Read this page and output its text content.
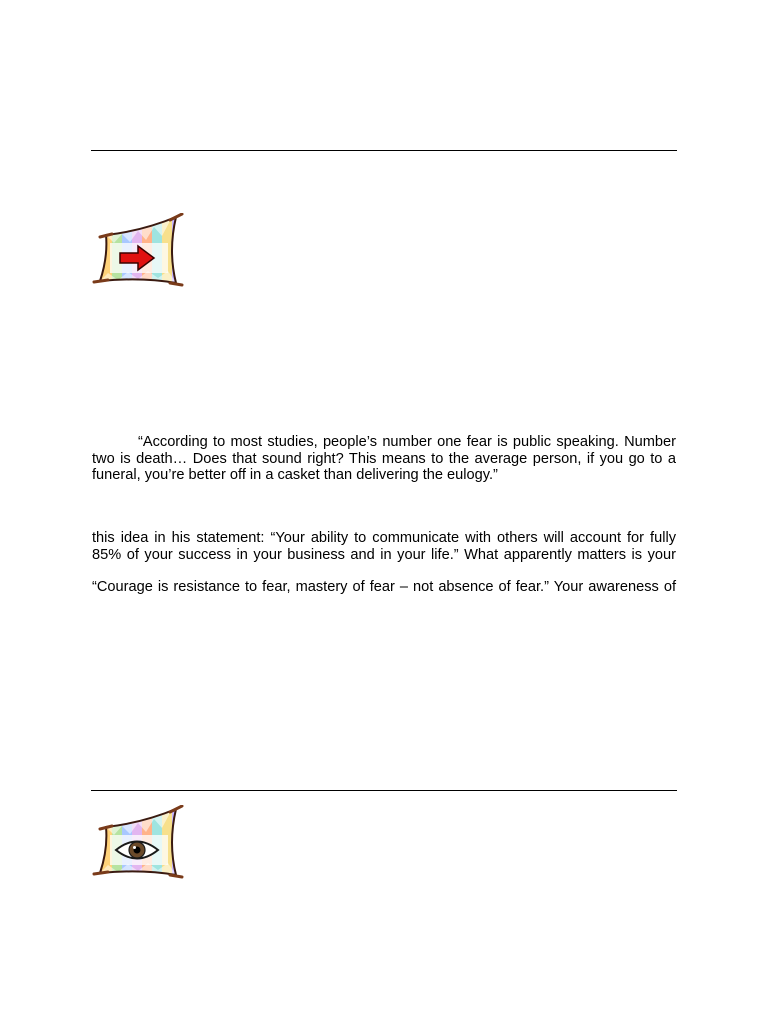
“According to most studies, people’s number one fear is public speaking. Number
two is death… Does that sound right? This means to the average person, if you go to a
funeral, you’re better off in a casket than delivering the eulogy.”
this idea in his statement: “Your ability to communicate with others will account for fully
85% of your success in your business and in your life.” What apparently matters is your
“Courage is resistance to fear, mastery of fear – not absence of fear.” Your awareness of
